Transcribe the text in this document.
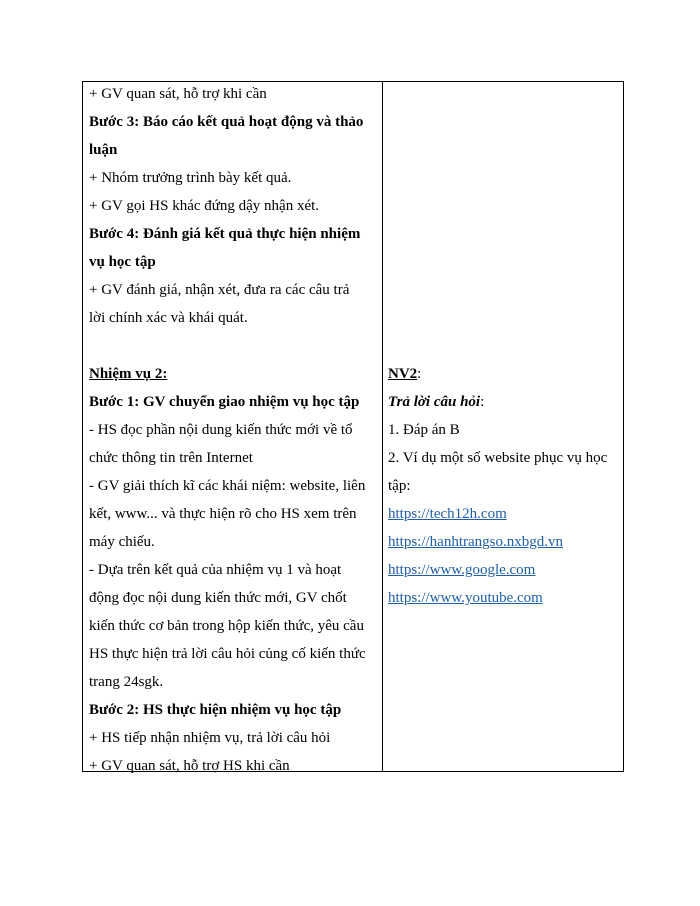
+ GV quan sát, hỗ trợ khi cần
Bước 3: Báo cáo kết quả hoạt động và thảo
luận
+ Nhóm trưởng trình bày kết quả.
+ GV gọi HS khác đứng dậy nhận xét.
Bước 4: Đánh giá kết quả thực hiện nhiệm
vụ học tập
+ GV đánh giá, nhận xét, đưa ra các câu trả
lời chính xác và khái quát.
Nhiệm vụ 2:
Bước 1: GV chuyển giao nhiệm vụ học tập
- HS đọc phần nội dung kiến thức mới về tổ
chức thông tin trên Internet
- GV giải thích kĩ các khái niệm: website, liên
kết, www... và thực hiện rõ cho HS xem trên
máy chiếu.
- Dựa trên kết quả của nhiệm vụ 1 và hoạt
động đọc nội dung kiến thức mới, GV chốt
kiến thức cơ bản trong hộp kiến thức, yêu cầu
HS thực hiện trả lời câu hỏi củng cố kiến thức
trang 24sgk.
Bước 2: HS thực hiện nhiệm vụ học tập
+ HS tiếp nhận nhiệm vụ, trả lời câu hỏi
+ GV quan sát, hỗ trợ HS khi cần
NV2:
Trả lời câu hỏi:
1. Đáp án B
2. Ví dụ một số website phục vụ học
tập:
https://tech12h.com
https://hanhtrangso.nxbgd.vn
https://www.google.com
https://www.youtube.com
